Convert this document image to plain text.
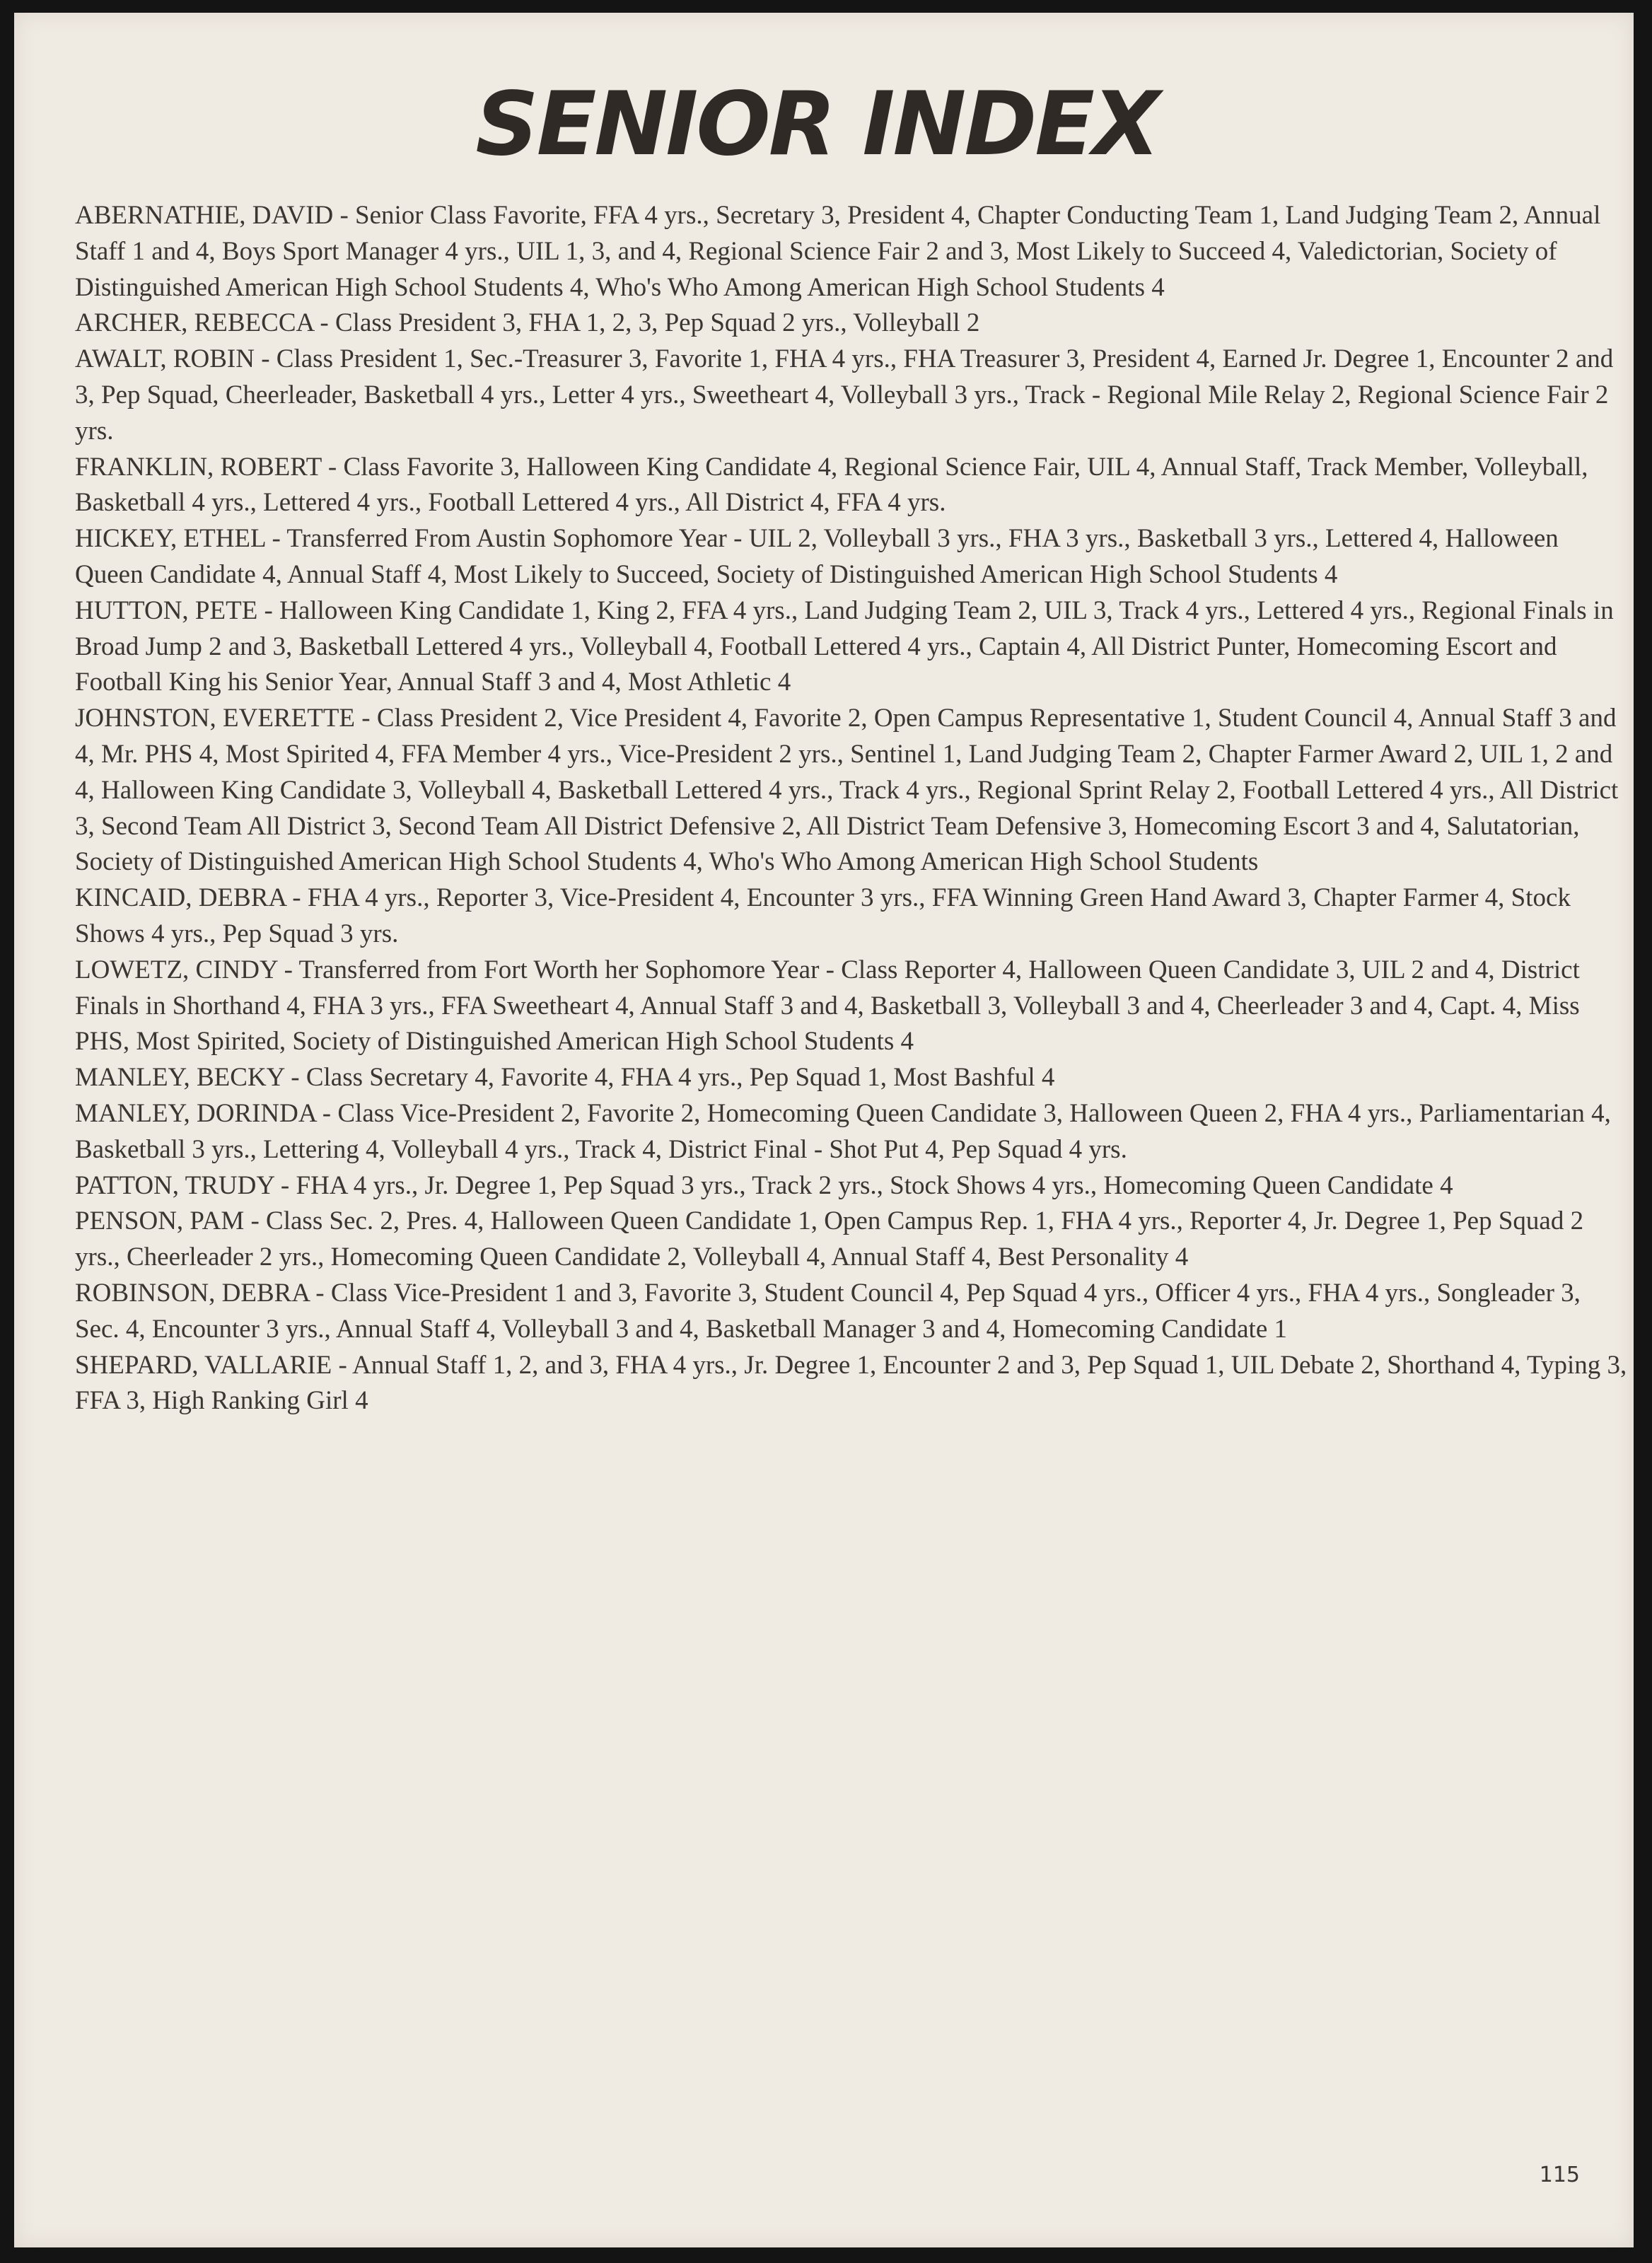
SENIOR INDEX

ABERNATHIE, DAVID - Senior Class Favorite, FFA 4 yrs., Secretary 3, President 4, Chapter Conducting Team 1, Land Judging Team 2, Annual Staff 1 and 4, Boys Sport Manager 4 yrs., UIL 1, 3, and 4, Regional Science Fair 2 and 3, Most Likely to Succeed 4, Valedictorian, Society of Distinguished American High School Students 4, Who's Who Among American High School Students 4

ARCHER, REBECCA - Class President 3, FHA 1, 2, 3, Pep Squad 2 yrs., Volleyball 2

AWALT, ROBIN - Class President 1, Sec.-Treasurer 3, Favorite 1, FHA 4 yrs., FHA Treasurer 3, President 4, Earned Jr. Degree 1, Encounter 2 and 3, Pep Squad, Cheerleader, Basketball 4 yrs., Letter 4 yrs., Sweetheart 4, Volleyball 3 yrs., Track - Regional Mile Relay 2, Regional Science Fair 2 yrs.

FRANKLIN, ROBERT - Class Favorite 3, Halloween King Candidate 4, Regional Science Fair, UIL 4, Annual Staff, Track Member, Volleyball, Basketball 4 yrs., Lettered 4 yrs., Football Lettered 4 yrs., All District 4, FFA 4 yrs.

HICKEY, ETHEL - Transferred From Austin Sophomore Year - UIL 2, Volleyball 3 yrs., FHA 3 yrs., Basketball 3 yrs., Lettered 4, Halloween Queen Candidate 4, Annual Staff 4, Most Likely to Succeed, Society of Distinguished American High School Students 4

HUTTON, PETE - Halloween King Candidate 1, King 2, FFA 4 yrs., Land Judging Team 2, UIL 3, Track 4 yrs., Lettered 4 yrs., Regional Finals in Broad Jump 2 and 3, Basketball Lettered 4 yrs., Volleyball 4, Football Lettered 4 yrs., Captain 4, All District Punter, Homecoming Escort and Football King his Senior Year, Annual Staff 3 and 4, Most Athletic 4

JOHNSTON, EVERETTE - Class President 2, Vice President 4, Favorite 2, Open Campus Representative 1, Student Council 4, Annual Staff 3 and 4, Mr. PHS 4, Most Spirited 4, FFA Member 4 yrs., Vice-President 2 yrs., Sentinel 1, Land Judging Team 2, Chapter Farmer Award 2, UIL 1, 2 and 4, Halloween King Candidate 3, Volleyball 4, Basketball Lettered 4 yrs., Track 4 yrs., Regional Sprint Relay 2, Football Lettered 4 yrs., All District 3, Second Team All District 3, Second Team All District Defensive 2, All District Team Defensive 3, Homecoming Escort 3 and 4, Salutatorian, Society of Distinguished American High School Students 4, Who's Who Among American High School Students

KINCAID, DEBRA - FHA 4 yrs., Reporter 3, Vice-President 4, Encounter 3 yrs., FFA Winning Green Hand Award 3, Chapter Farmer 4, Stock Shows 4 yrs., Pep Squad 3 yrs.

LOWETZ, CINDY - Transferred from Fort Worth her Sophomore Year - Class Reporter 4, Halloween Queen Candidate 3, UIL 2 and 4, District Finals in Shorthand 4, FHA 3 yrs., FFA Sweetheart 4, Annual Staff 3 and 4, Basketball 3, Volleyball 3 and 4, Cheerleader 3 and 4, Capt. 4, Miss PHS, Most Spirited, Society of Distinguished American High School Students 4

MANLEY, BECKY - Class Secretary 4, Favorite 4, FHA 4 yrs., Pep Squad 1, Most Bashful 4

MANLEY, DORINDA - Class Vice-President 2, Favorite 2, Homecoming Queen Candidate 3, Halloween Queen 2, FHA 4 yrs., Parliamentarian 4, Basketball 3 yrs., Lettering 4, Volleyball 4 yrs., Track 4, District Final - Shot Put 4, Pep Squad 4 yrs.

PATTON, TRUDY - FHA 4 yrs., Jr. Degree 1, Pep Squad 3 yrs., Track 2 yrs., Stock Shows 4 yrs., Homecoming Queen Candidate 4

PENSON, PAM - Class Sec. 2, Pres. 4, Halloween Queen Candidate 1, Open Campus Rep. 1, FHA 4 yrs., Reporter 4, Jr. Degree 1, Pep Squad 2 yrs., Cheerleader 2 yrs., Homecoming Queen Candidate 2, Volleyball 4, Annual Staff 4, Best Personality 4

ROBINSON, DEBRA - Class Vice-President 1 and 3, Favorite 3, Student Council 4, Pep Squad 4 yrs., Officer 4 yrs., FHA 4 yrs., Songleader 3, Sec. 4, Encounter 3 yrs., Annual Staff 4, Volleyball 3 and 4, Basketball Manager 3 and 4, Homecoming Candidate 1

SHEPARD, VALLARIE - Annual Staff 1, 2, and 3, FHA 4 yrs., Jr. Degree 1, Encounter 2 and 3, Pep Squad 1, UIL Debate 2, Shorthand 4, Typing 3, FFA 3, High Ranking Girl 4

115
